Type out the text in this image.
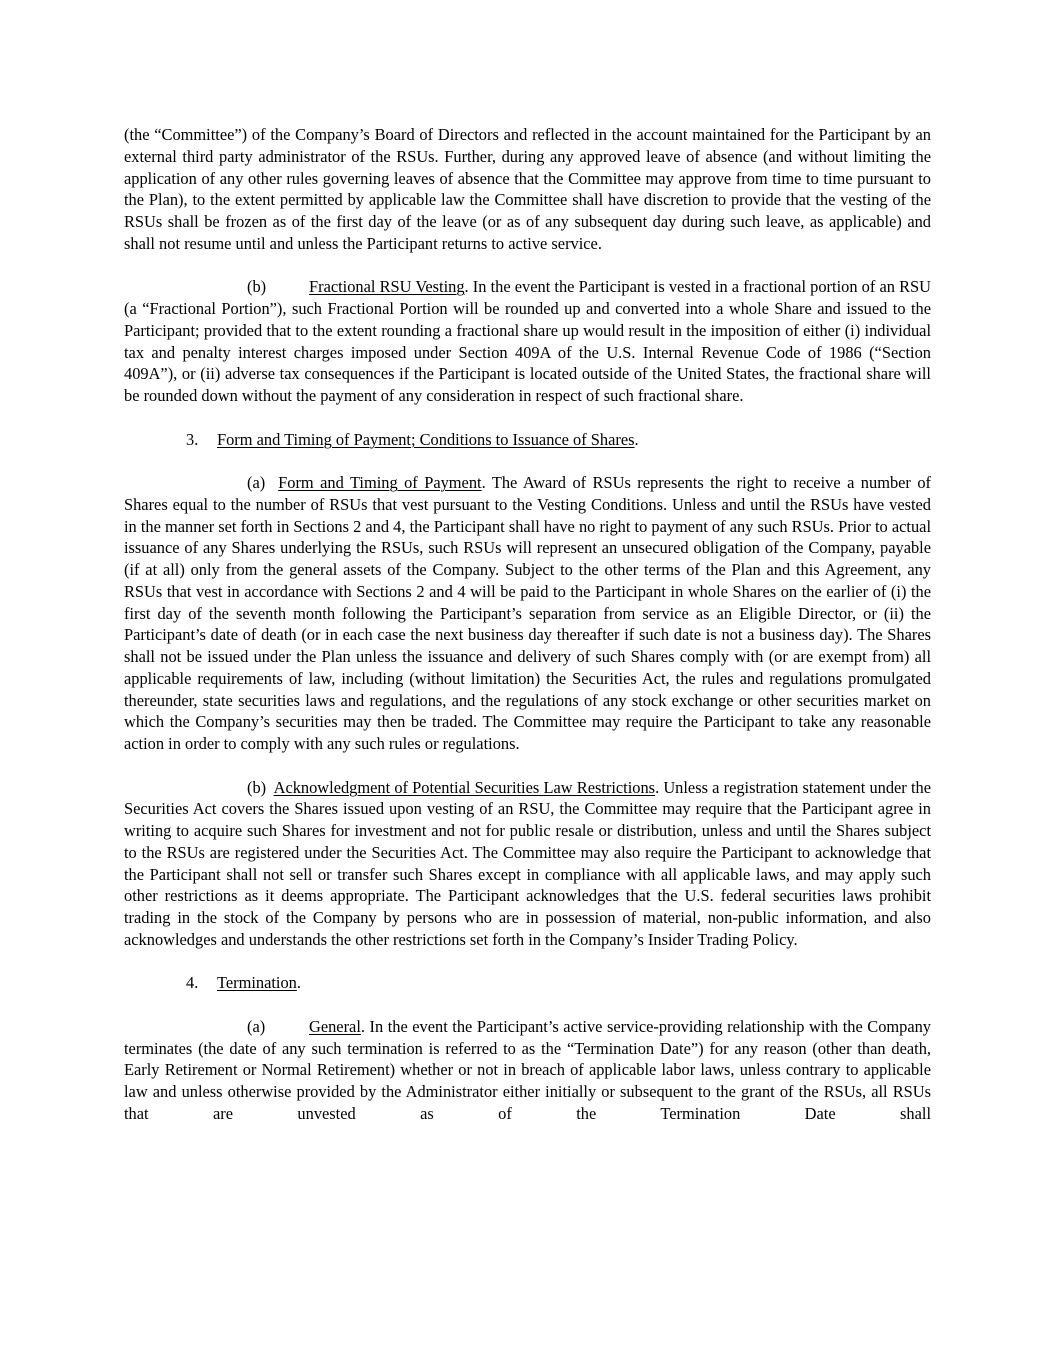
(the “Committee”) of the Company’s Board of Directors and reflected in the account maintained for the Participant by an external third party administrator of the RSUs. Further, during any approved leave of absence (and without limiting the application of any other rules governing leaves of absence that the Committee may approve from time to time pursuant to the Plan), to the extent permitted by applicable law the Committee shall have discretion to provide that the vesting of the RSUs shall be frozen as of the first day of the leave (or as of any subsequent day during such leave, as applicable) and shall not resume until and unless the Participant returns to active service.

(b)	Fractional RSU Vesting. In the event the Participant is vested in a fractional portion of an RSU (a “Fractional Portion”), such Fractional Portion will be rounded up and converted into a whole Share and issued to the Participant; provided that to the extent rounding a fractional share up would result in the imposition of either (i) individual tax and penalty interest charges imposed under Section 409A of the U.S. Internal Revenue Code of 1986 (“Section 409A”), or (ii) adverse tax consequences if the Participant is located outside of the United States, the fractional share will be rounded down without the payment of any consideration in respect of such fractional share.

3. Form and Timing of Payment; Conditions to Issuance of Shares.

(a) Form and Timing of Payment. The Award of RSUs represents the right to receive a number of Shares equal to the number of RSUs that vest pursuant to the Vesting Conditions. Unless and until the RSUs have vested in the manner set forth in Sections 2 and 4, the Participant shall have no right to payment of any such RSUs. Prior to actual issuance of any Shares underlying the RSUs, such RSUs will represent an unsecured obligation of the Company, payable (if at all) only from the general assets of the Company. Subject to the other terms of the Plan and this Agreement, any RSUs that vest in accordance with Sections 2 and 4 will be paid to the Participant in whole Shares on the earlier of (i) the first day of the seventh month following the Participant’s separation from service as an Eligible Director, or (ii) the Participant’s date of death (or in each case the next business day thereafter if such date is not a business day). The Shares shall not be issued under the Plan unless the issuance and delivery of such Shares comply with (or are exempt from) all applicable requirements of law, including (without limitation) the Securities Act, the rules and regulations promulgated thereunder, state securities laws and regulations, and the regulations of any stock exchange or other securities market on which the Company’s securities may then be traded. The Committee may require the Participant to take any reasonable action in order to comply with any such rules or regulations.

(b) Acknowledgment of Potential Securities Law Restrictions. Unless a registration statement under the Securities Act covers the Shares issued upon vesting of an RSU, the Committee may require that the Participant agree in writing to acquire such Shares for investment and not for public resale or distribution, unless and until the Shares subject to the RSUs are registered under the Securities Act. The Committee may also require the Participant to acknowledge that the Participant shall not sell or transfer such Shares except in compliance with all applicable laws, and may apply such other restrictions as it deems appropriate. The Participant acknowledges that the U.S. federal securities laws prohibit trading in the stock of the Company by persons who are in possession of material, non-public information, and also acknowledges and understands the other restrictions set forth in the Company’s Insider Trading Policy.

4. Termination.

(a)	General. In the event the Participant’s active service-providing relationship with the Company terminates (the date of any such termination is referred to as the “Termination Date”) for any reason (other than death, Early Retirement or Normal Retirement) whether or not in breach of applicable labor laws, unless contrary to applicable law and unless otherwise provided by the Administrator either initially or subsequent to the grant of the RSUs, all RSUs that are unvested as of the Termination Date shall
